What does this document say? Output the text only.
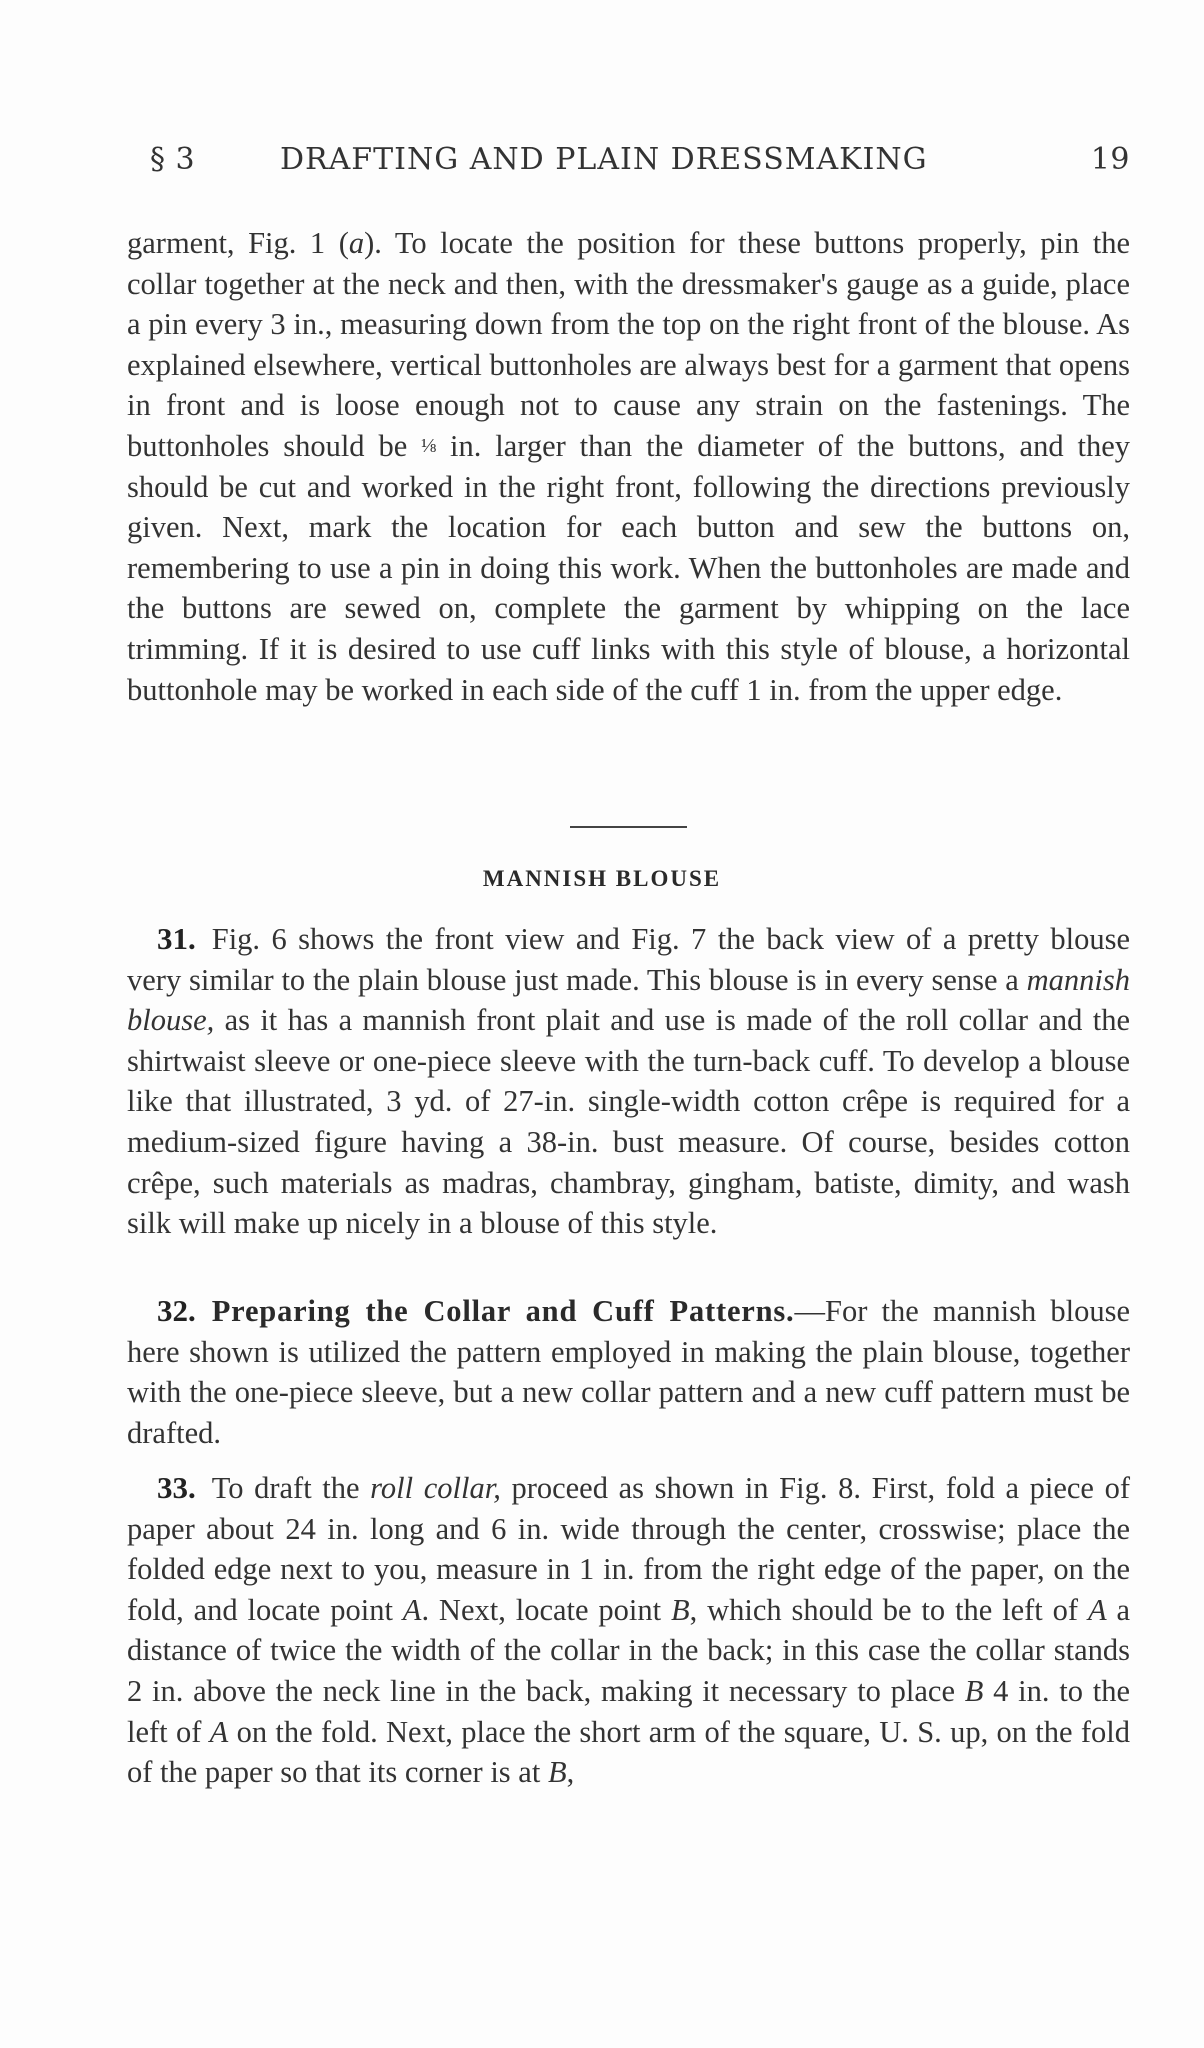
§ 3	DRAFTING AND PLAIN DRESSMAKING	19

garment, Fig. 1 (a). To locate the position for these buttons properly, pin the collar together at the neck and then, with the dressmaker's gauge as a guide, place a pin every 3 in., measuring down from the top on the right front of the blouse. As explained elsewhere, vertical buttonholes are always best for a garment that opens in front and is loose enough not to cause any strain on the fastenings. The buttonholes should be ⅛ in. larger than the diameter of the buttons, and they should be cut and worked in the right front, following the directions previously given. Next, mark the location for each button and sew the buttons on, remembering to use a pin in doing this work. When the buttonholes are made and the buttons are sewed on, complete the garment by whipping on the lace trimming. If it is desired to use cuff links with this style of blouse, a horizontal buttonhole may be worked in each side of the cuff 1 in. from the upper edge.

MANNISH BLOUSE

31. Fig. 6 shows the front view and Fig. 7 the back view of a pretty blouse very similar to the plain blouse just made. This blouse is in every sense a mannish blouse, as it has a mannish front plait and use is made of the roll collar and the shirtwaist sleeve or one-piece sleeve with the turn-back cuff. To develop a blouse like that illustrated, 3 yd. of 27-in. single-width cotton crêpe is required for a medium-sized figure having a 38-in. bust measure. Of course, besides cotton crêpe, such materials as madras, chambray, gingham, batiste, dimity, and wash silk will make up nicely in a blouse of this style.

32. Preparing the Collar and Cuff Patterns.—For the mannish blouse here shown is utilized the pattern employed in making the plain blouse, together with the one-piece sleeve, but a new collar pattern and a new cuff pattern must be drafted.

33. To draft the roll collar, proceed as shown in Fig. 8. First, fold a piece of paper about 24 in. long and 6 in. wide through the center, crosswise; place the folded edge next to you, measure in 1 in. from the right edge of the paper, on the fold, and locate point A. Next, locate point B, which should be to the left of A a distance of twice the width of the collar in the back; in this case the collar stands 2 in. above the neck line in the back, making it necessary to place B 4 in. to the left of A on the fold. Next, place the short arm of the square, U. S. up, on the fold of the paper so that its corner is at B,
